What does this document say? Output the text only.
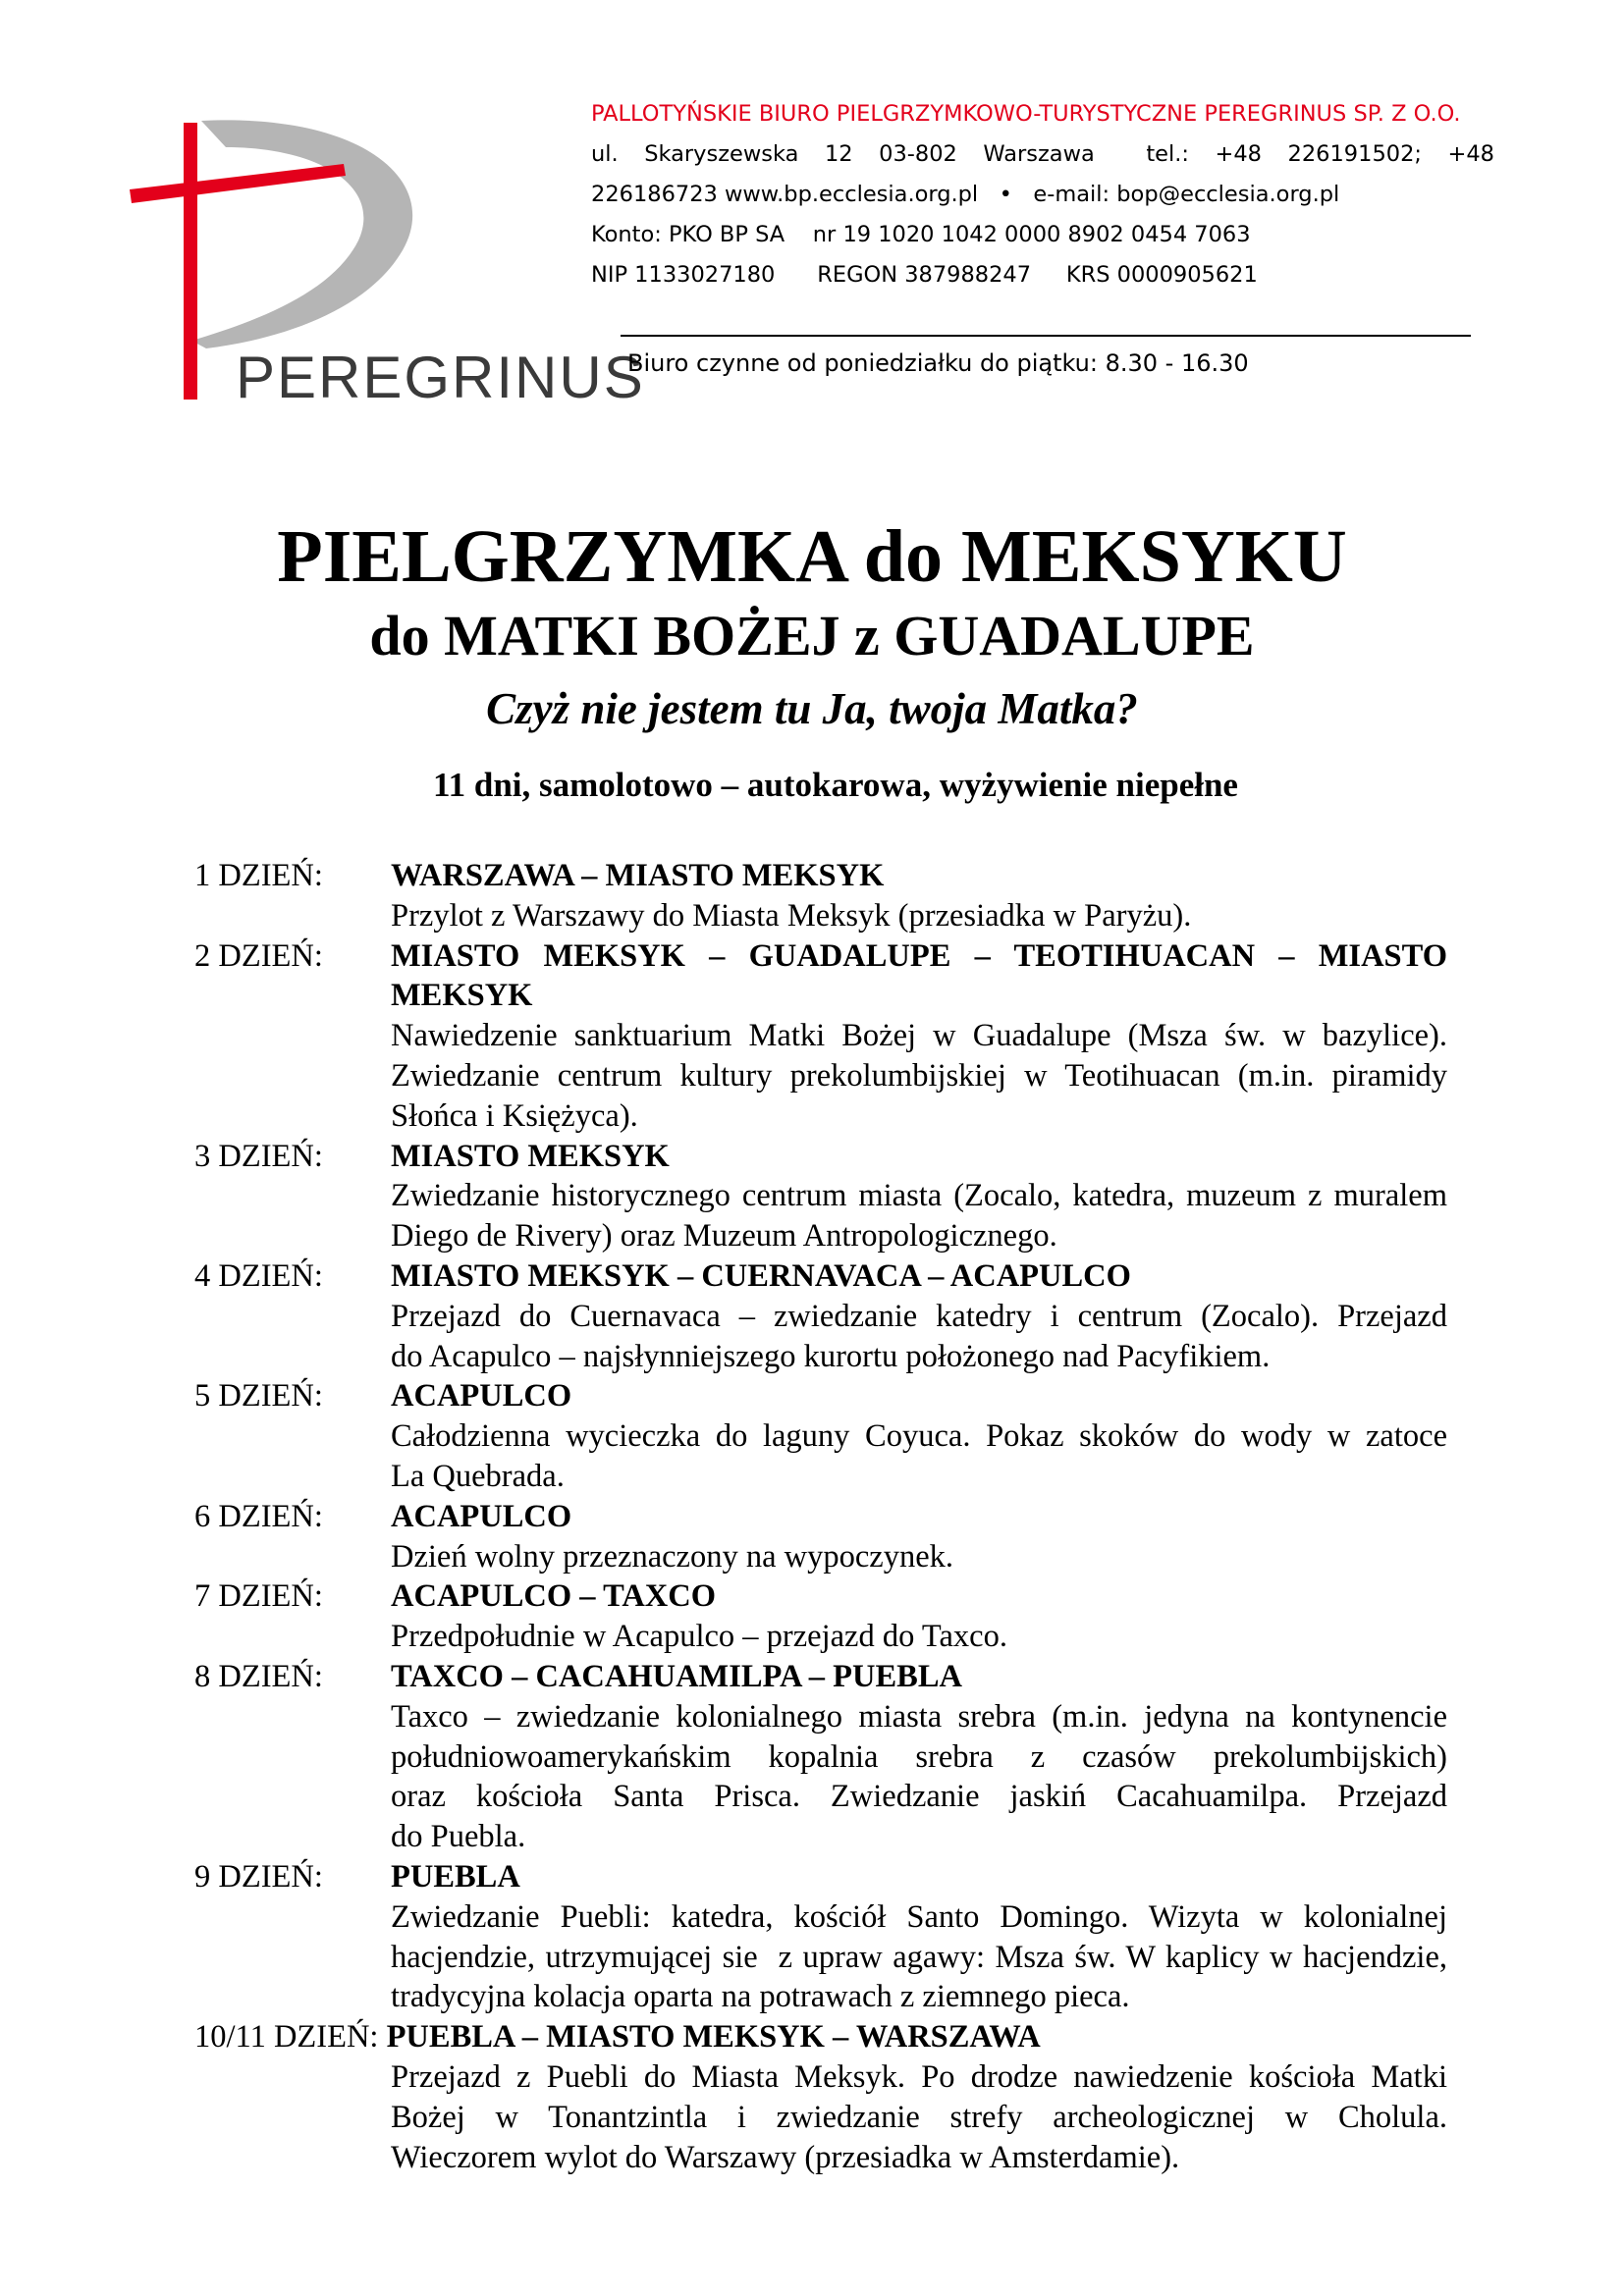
PEREGRINUS
PALLOTYŃSKIE BIURO PIELGRZYMKOWO-TURYSTYCZNE PEREGRINUS SP. Z O.O.
ul. Skaryszewska 12 03-802 Warszawa tel.: +48 226191502; +48
226186723 www.bp.ecclesia.org.pl   •   e-mail: bop@ecclesia.org.pl
Konto: PKO BP SA    nr 19 1020 1042 0000 8902 0454 7063
NIP 1133027180      REGON 387988247     KRS 0000905621
Biuro czynne od poniedziałku do piątku: 8.30 - 16.30
PIELGRZYMKA do MEKSYKU
do MATKI BOŻEJ z GUADALUPE
Czyż nie jestem tu Ja, twoja Matka?
11 dni, samolotowo – autokarowa, wyżywienie niepełne
1 DZIEŃ: WARSZAWA – MIASTO MEKSYK
Przylot z Warszawy do Miasta Meksyk (przesiadka w Paryżu).
2 DZIEŃ: MIASTO MEKSYK – GUADALUPE – TEOTIHUACAN – MIASTO MEKSYK
Nawiedzenie sanktuarium Matki Bożej w Guadalupe (Msza św. w bazylice).
Zwiedzanie centrum kultury prekolumbijskiej w Teotihuacan (m.in. piramidy
Słońca i Księżyca).
3 DZIEŃ: MIASTO MEKSYK
Zwiedzanie historycznego centrum miasta (Zocalo, katedra, muzeum z muralem
Diego de Rivery) oraz Muzeum Antropologicznego.
4 DZIEŃ: MIASTO MEKSYK – CUERNAVACA – ACAPULCO
Przejazd do Cuernavaca – zwiedzanie katedry i centrum (Zocalo). Przejazd
do Acapulco – najsłynniejszego kurortu położonego nad Pacyfikiem.
5 DZIEŃ: ACAPULCO
Całodzienna wycieczka do laguny Coyuca. Pokaz skoków do wody w zatoce
La Quebrada.
6 DZIEŃ: ACAPULCO
Dzień wolny przeznaczony na wypoczynek.
7 DZIEŃ: ACAPULCO – TAXCO
Przedpołudnie w Acapulco – przejazd do Taxco.
8 DZIEŃ: TAXCO – CACAHUAMILPA – PUEBLA
Taxco – zwiedzanie kolonialnego miasta srebra (m.in. jedyna na kontynencie
południowoamerykańskim kopalnia srebra z czasów prekolumbijskich)
oraz kościoła Santa Prisca. Zwiedzanie jaskiń Cacahuamilpa. Przejazd
do Puebla.
9 DZIEŃ: PUEBLA
Zwiedzanie Puebli: katedra, kościół Santo Domingo. Wizyta w kolonialnej
hacjendzie, utrzymującej sie  z upraw agawy: Msza św. W kaplicy w hacjendzie,
tradycyjna kolacja oparta na potrawach z ziemnego pieca.
10/11 DZIEŃ: PUEBLA – MIASTO MEKSYK – WARSZAWA
Przejazd z Puebli do Miasta Meksyk. Po drodze nawiedzenie kościoła Matki
Bożej w Tonantzintla i zwiedzanie strefy archeologicznej w Cholula.
Wieczorem wylot do Warszawy (przesiadka w Amsterdamie).
